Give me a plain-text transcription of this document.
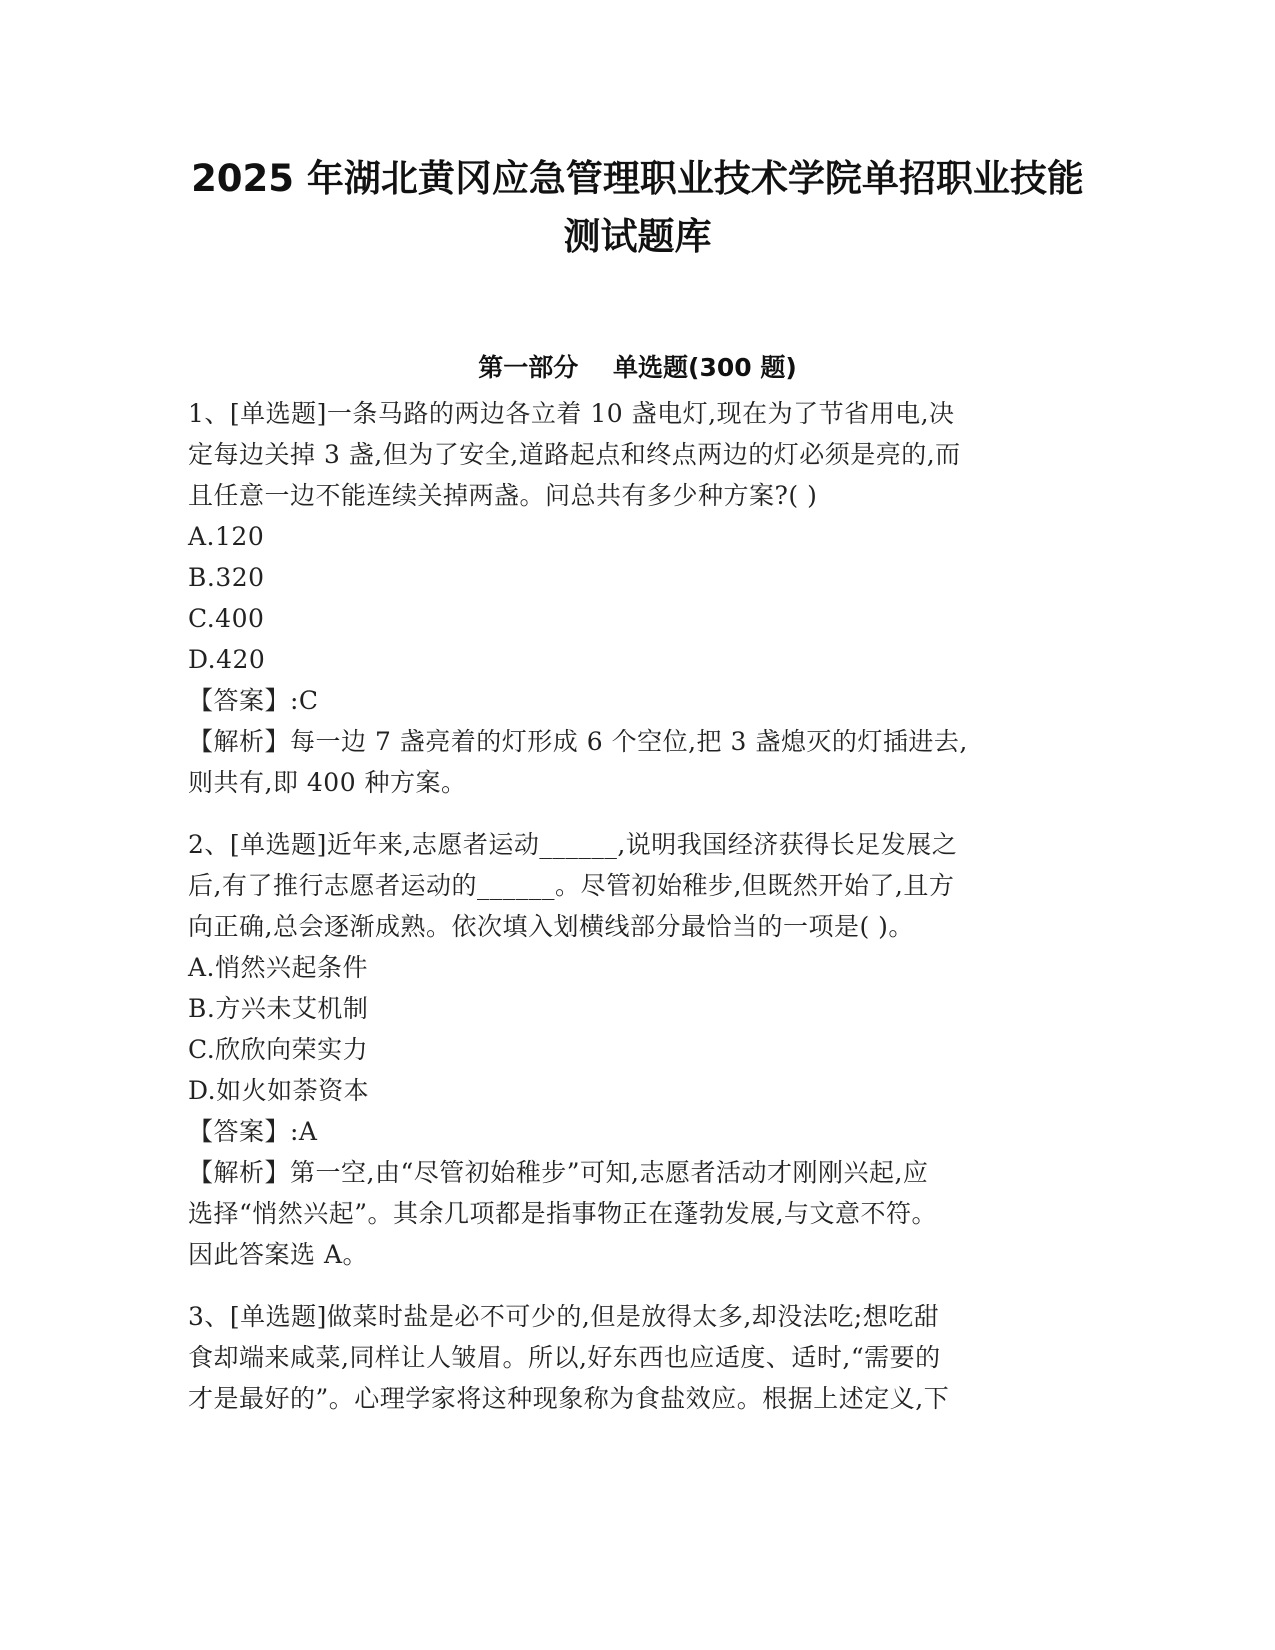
2025 年湖北黄冈应急管理职业技术学院单招职业技能
测试题库
第一部分    单选题(300 题)
1、[单选题]一条马路的两边各立着 10 盏电灯,现在为了节省用电,决
定每边关掉 3 盏,但为了安全,道路起点和终点两边的灯必须是亮的,而
且任意一边不能连续关掉两盏。问总共有多少种方案?( )
A.120
B.320
C.400
D.420
【答案】:C
【解析】每一边 7 盏亮着的灯形成 6 个空位,把 3 盏熄灭的灯插进去,
则共有,即 400 种方案。
2、[单选题]近年来,志愿者运动______,说明我国经济获得长足发展之
后,有了推行志愿者运动的______。尽管初始稚步,但既然开始了,且方
向正确,总会逐渐成熟。依次填入划横线部分最恰当的一项是( )。
A.悄然兴起条件
B.方兴未艾机制
C.欣欣向荣实力
D.如火如荼资本
【答案】:A
【解析】第一空,由“尽管初始稚步”可知,志愿者活动才刚刚兴起,应
选择“悄然兴起”。其余几项都是指事物正在蓬勃发展,与文意不符。
因此答案选 A。
3、[单选题]做菜时盐是必不可少的,但是放得太多,却没法吃;想吃甜
食却端来咸菜,同样让人皱眉。所以,好东西也应适度、适时,“需要的
才是最好的”。心理学家将这种现象称为食盐效应。根据上述定义,下
